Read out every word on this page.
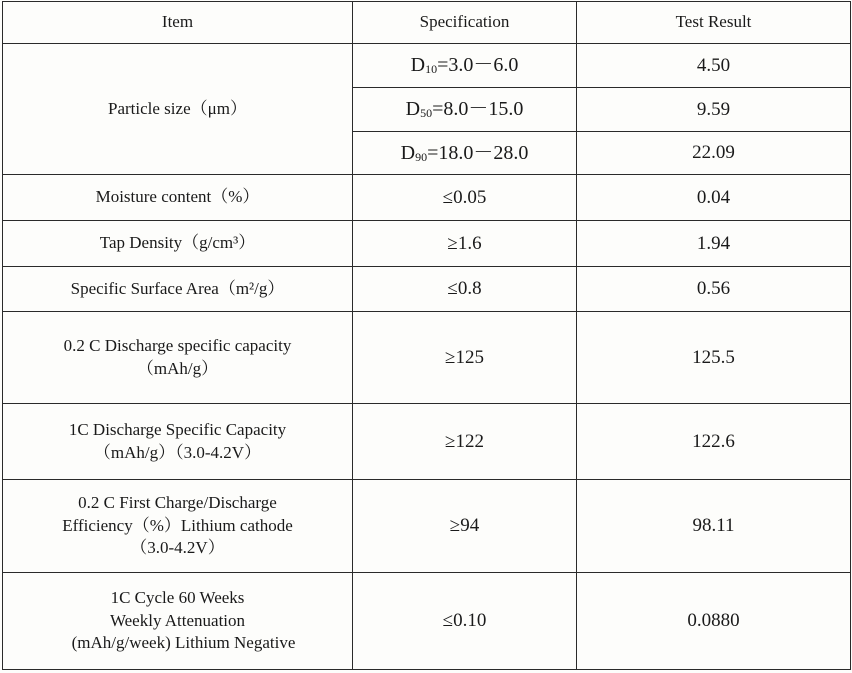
Item	Specification	Test Result
Particle size（μm）	D10=3.0－6.0	4.50
	D50=8.0－15.0	9.59
	D90=18.0－28.0	22.09
Moisture content（%）	≤0.05	0.04
Tap Density（g/cm³）	≥1.6	1.94
Specific Surface Area（m²/g）	≤0.8	0.56

0.2 C Discharge specific capacity
（mAh/g）	≥125	125.5

1C Discharge Specific Capacity
（mAh/g）（3.0-4.2V）	≥122	122.6

0.2 C First Charge/Discharge
Efficiency（%）Lithium cathode
（3.0-4.2V）	≥94	98.11

1C Cycle 60 Weeks
Weekly Attenuation
(mAh/g/week) Lithium Negative	≤0.10	0.0880
